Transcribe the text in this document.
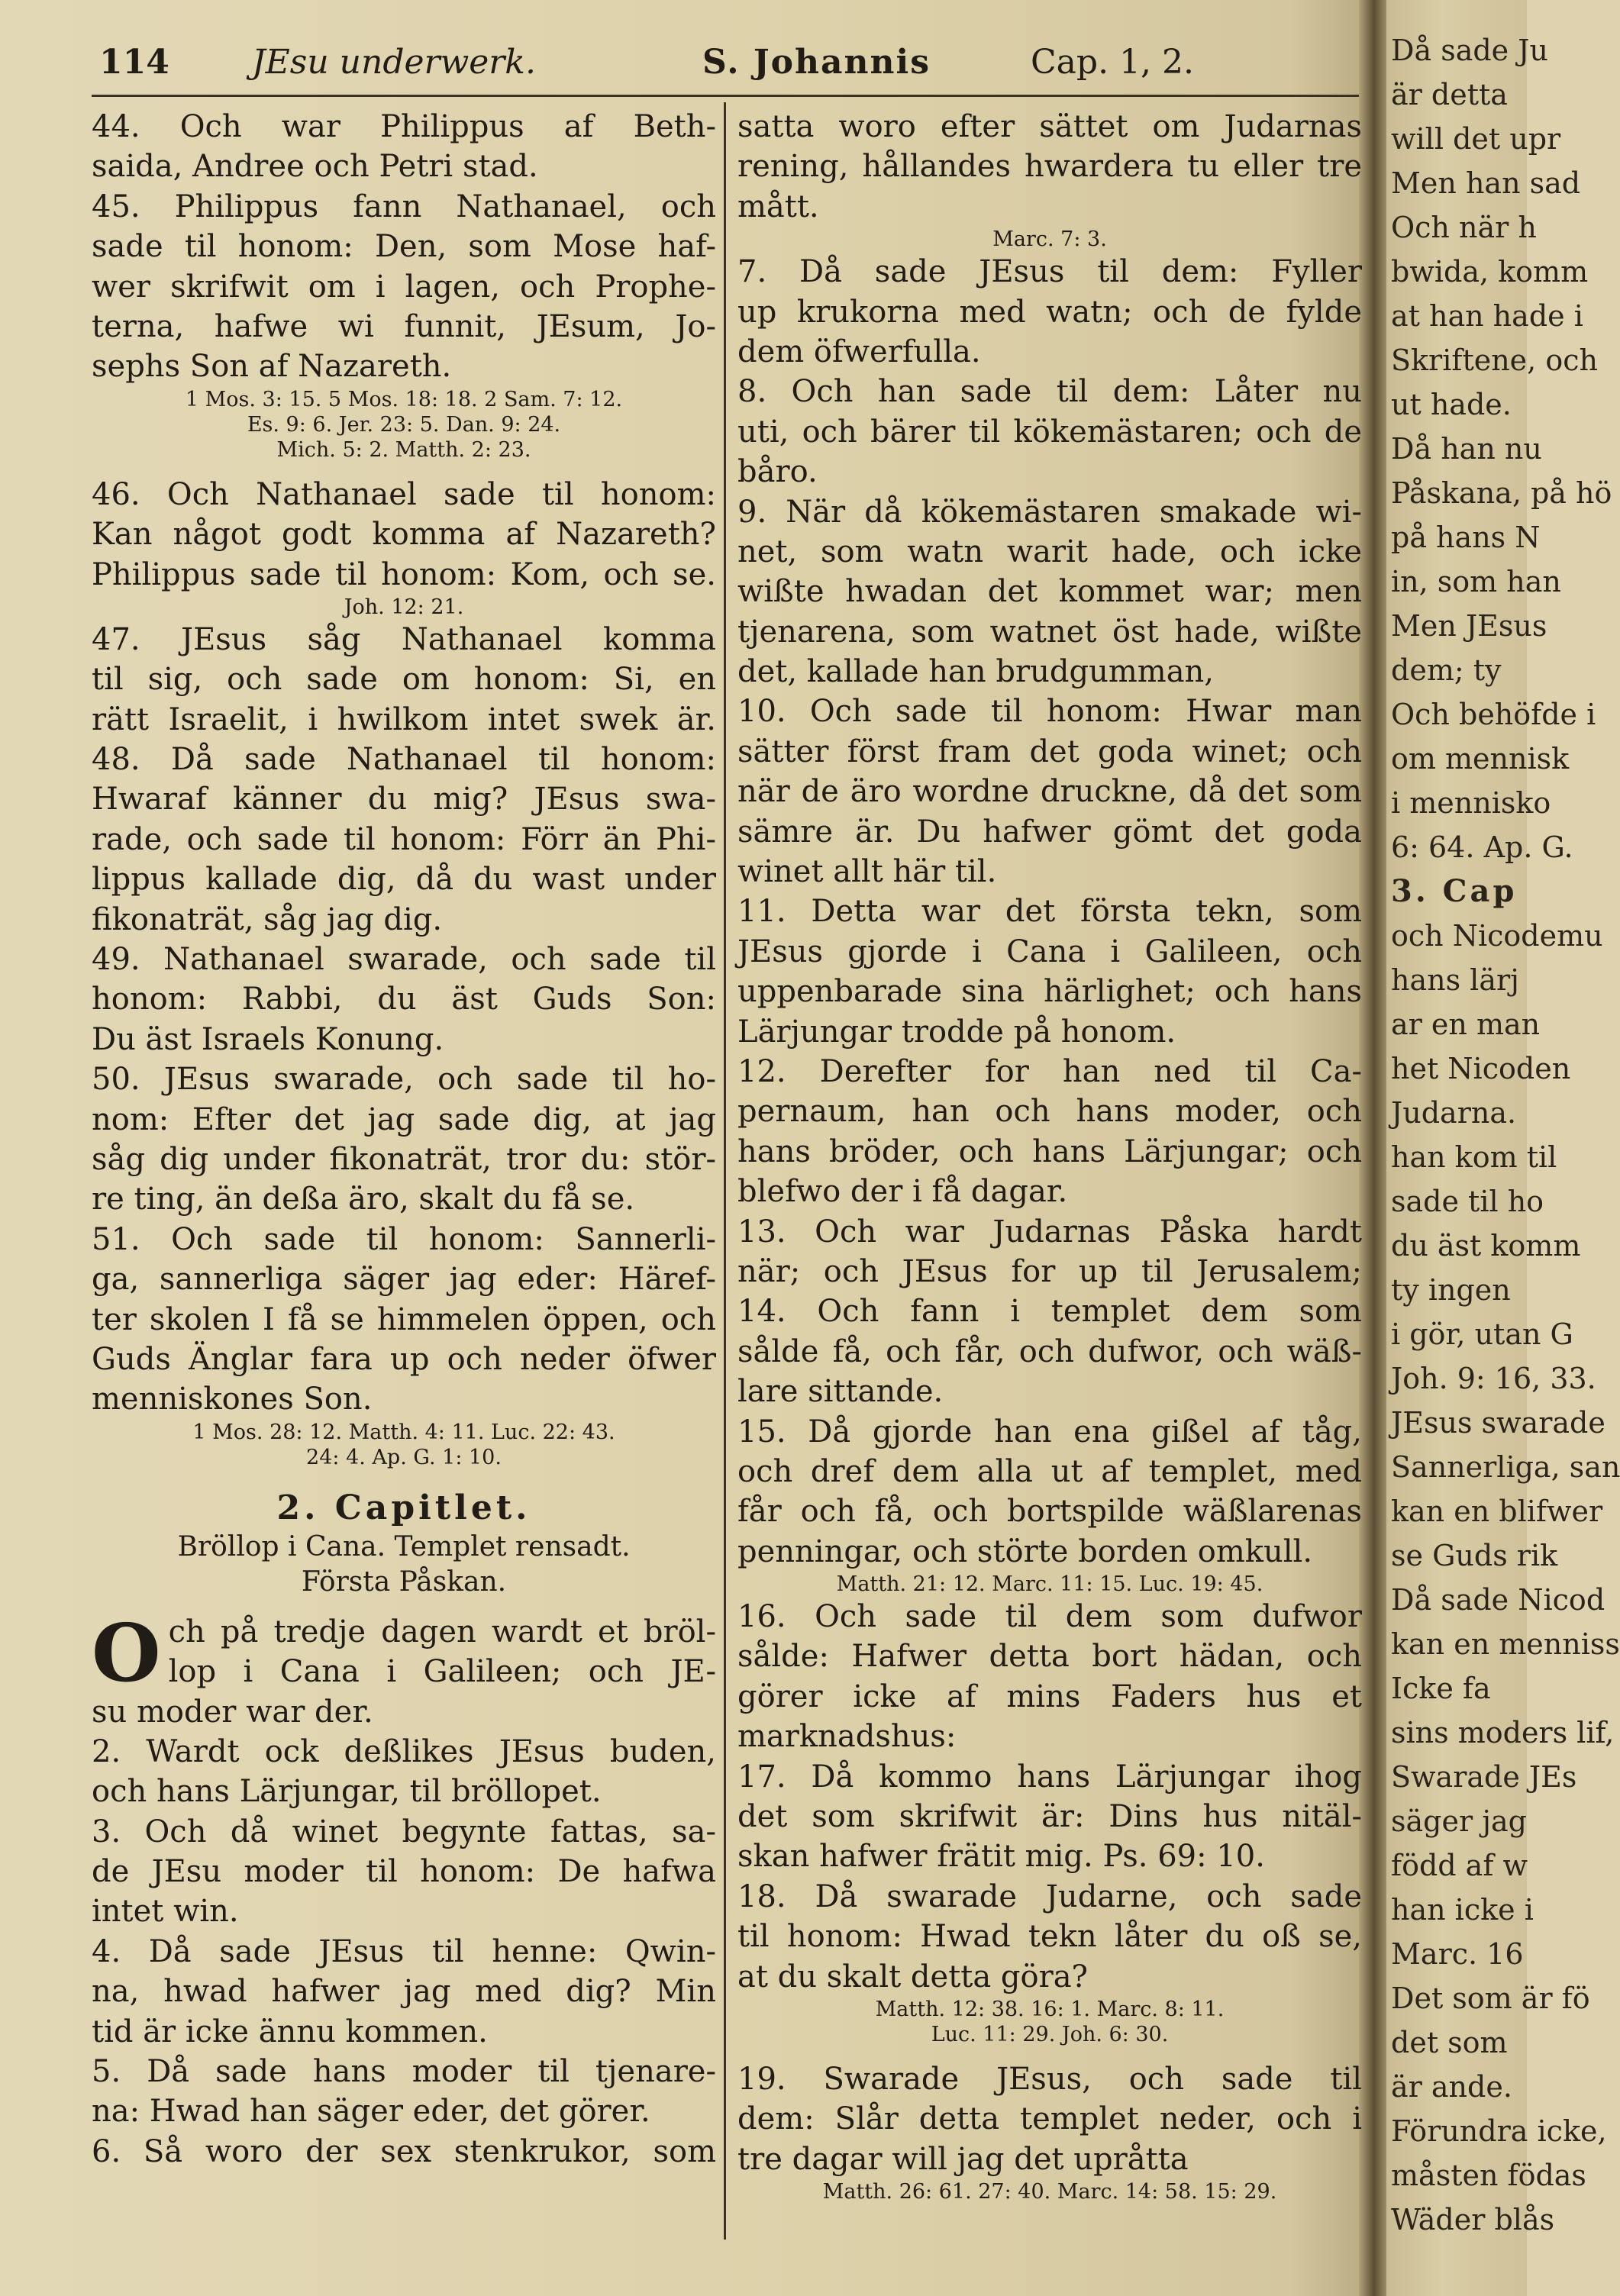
Då sade Ju
är detta
will det upr
Men han sad
Och när h
bwida, komm
at han hade i
Skriftene, och
ut hade.
Då han nu
Påskana, på hö
på hans N
in, som han
Men JEsus
dem; ty
Och behöfde i
om mennisk
i mennisko
6: 64. Ap. G.
3. Cap
och Nicodemu
hans lärj
ar en man
het Nicoden
Judarna.
han kom til
sade til ho
du äst komm
ty ingen
i gör, utan G
Joh. 9: 16, 33.
JEsus swarade
Sannerliga, san
kan en blifwer
se Guds rik
Då sade Nicod
kan en menniss
Icke fa
sins moders lif,
Swarade JEs
säger jag
född af w
han icke i
Marc. 16
Det som är fö
det som
är ande.
Förundra icke,
måsten födas
Wäder blås
114 JEsu underwerk.	S. Johannis	Cap. 1, 2.
44. Och war Philippus af Beth-
saida, Andree och Petri stad.
45. Philippus fann Nathanael, och
sade til honom: Den, som Mose haf-
wer skrifwit om i lagen, och Prophe-
terna, hafwe wi funnit, JEsum, Jo-
sephs Son af Nazareth.
1 Mos. 3: 15. 5 Mos. 18: 18. 2 Sam. 7: 12.
Es. 9: 6. Jer. 23: 5. Dan. 9: 24.
Mich. 5: 2. Matth. 2: 23.
46. Och Nathanael sade til honom:
Kan något godt komma af Nazareth?
Philippus sade til honom: Kom, och se.
Joh. 12: 21.
47. JEsus såg Nathanael komma
til sig, och sade om honom: Si, en
rätt Israelit, i hwilkom intet swek är.
48. Då sade Nathanael til honom:
Hwaraf känner du mig? JEsus swa-
rade, och sade til honom: Förr än Phi-
lippus kallade dig, då du wast under
fikonaträt, såg jag dig.
49. Nathanael swarade, och sade til
honom: Rabbi, du äst Guds Son:
Du äst Israels Konung.
50. JEsus swarade, och sade til ho-
nom: Efter det jag sade dig, at jag
såg dig under fikonaträt, tror du: stör-
re ting, än deßa äro, skalt du få se.
51. Och sade til honom: Sannerli-
ga, sannerliga säger jag eder: Häref-
ter skolen I få se himmelen öppen, och
Guds Änglar fara up och neder öfwer
menniskones Son.
1 Mos. 28: 12. Matth. 4: 11. Luc. 22: 43.
24: 4. Ap. G. 1: 10.
2. Capitlet.
Bröllop i Cana. Templet rensadt.
Första Påskan.
O ch på tredje dagen wardt et bröl-
lop i Cana i Galileen; och JE-
su moder war der.
2. Wardt ock deßlikes JEsus buden,
och hans Lärjungar, til bröllopet.
3. Och då winet begynte fattas, sa-
de JEsu moder til honom: De hafwa
intet win.
4. Då sade JEsus til henne: Qwin-
na, hwad hafwer jag med dig? Min
tid är icke ännu kommen.
5. Då sade hans moder til tjenare-
na: Hwad han säger eder, det görer.
6. Så woro der sex stenkrukor, som
satta woro efter sättet om Judarnas
rening, hållandes hwardera tu eller tre
mått.
Marc. 7: 3.
7. Då sade JEsus til dem: Fyller
up krukorna med watn; och de fylde
dem öfwerfulla.
8. Och han sade til dem: Låter nu
uti, och bärer til kökemästaren; och de
båro.
9. När då kökemästaren smakade wi-
net, som watn warit hade, och icke
wißte hwadan det kommet war; men
tjenarena, som watnet öst hade, wißte
det, kallade han brudgumman,
10. Och sade til honom: Hwar man
sätter först fram det goda winet; och
när de äro wordne druckne, då det som
sämre är. Du hafwer gömt det goda
winet allt här til.
11. Detta war det första tekn, som
JEsus gjorde i Cana i Galileen, och
uppenbarade sina härlighet; och hans
Lärjungar trodde på honom.
12. Derefter for han ned til Ca-
pernaum, han och hans moder, och
hans bröder, och hans Lärjungar; och
blefwo der i få dagar.
13. Och war Judarnas Påska hardt
när; och JEsus for up til Jerusalem;
14. Och fann i templet dem som
sålde få, och får, och dufwor, och wäß-
lare sittande.
15. Då gjorde han ena gißel af tåg,
och dref dem alla ut af templet, med
får och få, och bortspilde wäßlarenas
penningar, och störte borden omkull.
Matth. 21: 12. Marc. 11: 15. Luc. 19: 45.
16. Och sade til dem som dufwor
sålde: Hafwer detta bort hädan, och
görer icke af mins Faders hus et
marknadshus:
17. Då kommo hans Lärjungar ihog
det som skrifwit är: Dins hus nitäl-
skan hafwer frätit mig. Ps. 69: 10.
18. Då swarade Judarne, och sade
til honom: Hwad tekn låter du oß se,
at du skalt detta göra?
Matth. 12: 38. 16: 1. Marc. 8: 11.
Luc. 11: 29. Joh. 6: 30.
19. Swarade JEsus, och sade til
dem: Slår detta templet neder, och i
tre dagar will jag det upråtta
Matth. 26: 61. 27: 40. Marc. 14: 58. 15: 29.
